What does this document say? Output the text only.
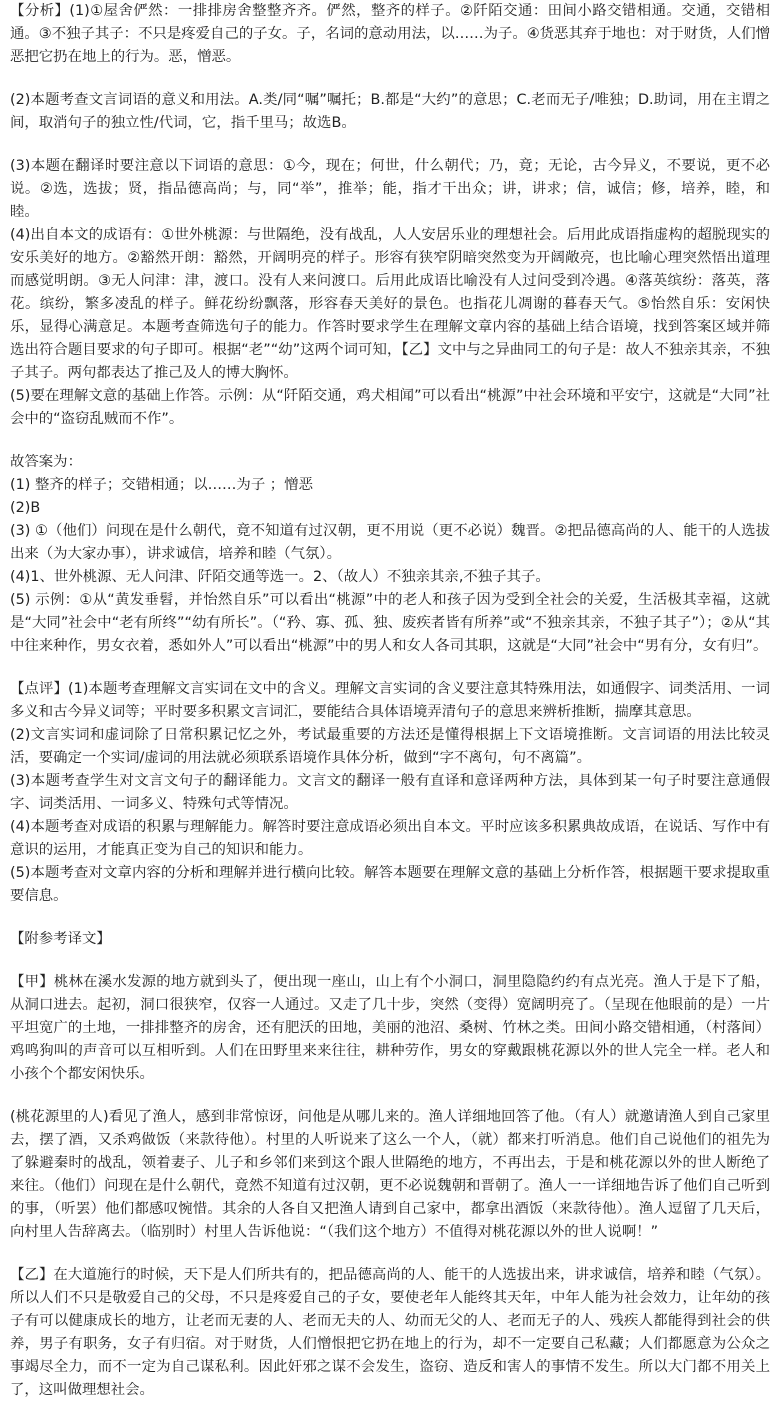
【分析】(1)①屋舍俨然：一排排房舍整整齐齐。俨然，整齐的样子。②阡陌交通：田间小路交错相通。交通，交错相通。③不独子其子：不只是疼爱自己的子女。子，名词的意动用法，以……为子。④货恶其弃于地也：对于财货，人们憎恶把它扔在地上的行为。恶，憎恶。

(2)本题考查文言词语的意义和用法。A.类/同“嘱”嘱托；B.都是“大约”的意思；C.老而无子/唯独；D.助词，用在主谓之间，取消句子的独立性/代词，它，指千里马；故选B。

(3)本题在翻译时要注意以下词语的意思：①今，现在；何世，什么朝代；乃，竟；无论，古今异义，不要说，更不必说。②选，选拔；贤，指品德高尚；与，同“举”，推举；能，指才干出众；讲，讲求；信，诚信；修，培养，睦，和睦。

(4)出自本文的成语有：①世外桃源：与世隔绝，没有战乱，人人安居乐业的理想社会。后用此成语指虚构的超脱现实的安乐美好的地方。②豁然开朗：豁然，开阔明亮的样子。形容有狭窄阴暗突然变为开阔敞亮，也比喻心理突然悟出道理而感觉明朗。③无人问津：津，渡口。没有人来问渡口。后用此成语比喻没有人过问受到冷遇。④落英缤纷：落英，落花。缤纷，繁多凌乱的样子。鲜花纷纷飘落，形容春天美好的景色。也指花儿凋谢的暮春天气。⑤怡然自乐：安闲快乐，显得心满意足。本题考查筛选句子的能力。作答时要求学生在理解文章内容的基础上结合语境，找到答案区域并筛选出符合题目要求的句子即可。根据“老”“幼”这两个词可知，【乙】文中与之异曲同工的句子是：故人不独亲其亲，不独子其子。两句都表达了推己及人的博大胸怀。

(5)要在理解文意的基础上作答。示例：从“阡陌交通，鸡犬相闻”可以看出“桃源”中社会环境和平安宁，这就是“大同”社会中的“盗窃乱贼而不作”。

故答案为：

(1) 整齐的样子；交错相通；以……为子 ；憎恶

(2)B

(3) ①（他们）问现在是什么朝代，竟不知道有过汉朝，更不用说（更不必说）魏晋。②把品德高尚的人、能干的人选拔出来（为大家办事），讲求诚信，培养和睦（气氛）。

(4)1、世外桃源、无人问津、阡陌交通等选一。2、（故人）不独亲其亲,不独子其子。

(5) 示例：①从“黄发垂髫，并怡然自乐”可以看出“桃源”中的老人和孩子因为受到全社会的关爱，生活极其幸福，这就是“大同”社会中“老有所终”“幼有所长”。（“矜、寡、孤、独、废疾者皆有所养”或“不独亲其亲，不独子其子”）；②从“其中往来种作，男女衣着，悉如外人”可以看出“桃源”中的男人和女人各司其职，这就是“大同”社会中“男有分，女有归”。

【点评】(1)本题考查理解文言实词在文中的含义。理解文言实词的含义要注意其特殊用法，如通假字、词类活用、一词多义和古今异义词等；平时要多积累文言词汇，要能结合具体语境弄清句子的意思来辨析推断，揣摩其意思。

(2)文言实词和虚词除了日常积累记忆之外，考试最重要的方法还是懂得根据上下文语境推断。文言词语的用法比较灵活，要确定一个实词/虚词的用法就必须联系语境作具体分析，做到“字不离句，句不离篇”。

(3)本题考查学生对文言文句子的翻译能力。文言文的翻译一般有直译和意译两种方法，具体到某一句子时要注意通假字、词类活用、一词多义、特殊句式等情况。

(4)本题考查对成语的积累与理解能力。解答时要注意成语必须出自本文。平时应该多积累典故成语，在说话、写作中有意识的运用，才能真正变为自己的知识和能力。

(5)本题考查对文章内容的分析和理解并进行横向比较。解答本题要在理解文意的基础上分析作答，根据题干要求提取重要信息。

【附参考译文】

【甲】桃林在溪水发源的地方就到头了，便出现一座山，山上有个小洞口，洞里隐隐约约有点光亮。渔人于是下了船，从洞口进去。起初，洞口很狭窄，仅容一人通过。又走了几十步，突然（变得）宽阔明亮了。（呈现在他眼前的是）一片平坦宽广的土地，一排排整齐的房舍，还有肥沃的田地，美丽的池沼、桑树、竹林之类。田间小路交错相通，（村落间）鸡鸣狗叫的声音可以互相听到。人们在田野里来来往往，耕种劳作，男女的穿戴跟桃花源以外的世人完全一样。老人和小孩个个都安闲快乐。

(桃花源里的人)看见了渔人，感到非常惊讶，问他是从哪儿来的。渔人详细地回答了他。（有人）就邀请渔人到自己家里去，摆了酒，又杀鸡做饭（来款待他）。村里的人听说来了这么一个人，（就）都来打听消息。他们自己说他们的祖先为了躲避秦时的战乱，领着妻子、儿子和乡邻们来到这个跟人世隔绝的地方，不再出去，于是和桃花源以外的世人断绝了来往。（他们）问现在是什么朝代，竟然不知道有过汉朝，更不必说魏朝和晋朝了。渔人一一详细地告诉了他们自己听到的事，（听罢）他们都感叹惋惜。其余的人各自又把渔人请到自己家中，都拿出酒饭（来款待他）。渔人逗留了几天后，向村里人告辞离去。（临别时）村里人告诉他说：“（我们这个地方）不值得对桃花源以外的世人说啊！”

【乙】在大道施行的时候，天下是人们所共有的，把品德高尚的人、能干的人选拔出来，讲求诚信，培养和睦（气氛）。所以人们不只是敬爱自己的父母，不只是疼爱自己的子女，要使老年人能终其天年，中年人能为社会效力，让年幼的孩子有可以健康成长的地方，让老而无妻的人、老而无夫的人、幼而无父的人、老而无子的人、残疾人都能得到社会的供养，男子有职务，女子有归宿。对于财货，人们憎恨把它扔在地上的行为，却不一定要自己私藏；人们都愿意为公众之事竭尽全力，而不一定为自己谋私利。因此奸邪之谋不会发生，盗窃、造反和害人的事情不发生。所以大门都不用关上了，这叫做理想社会。
